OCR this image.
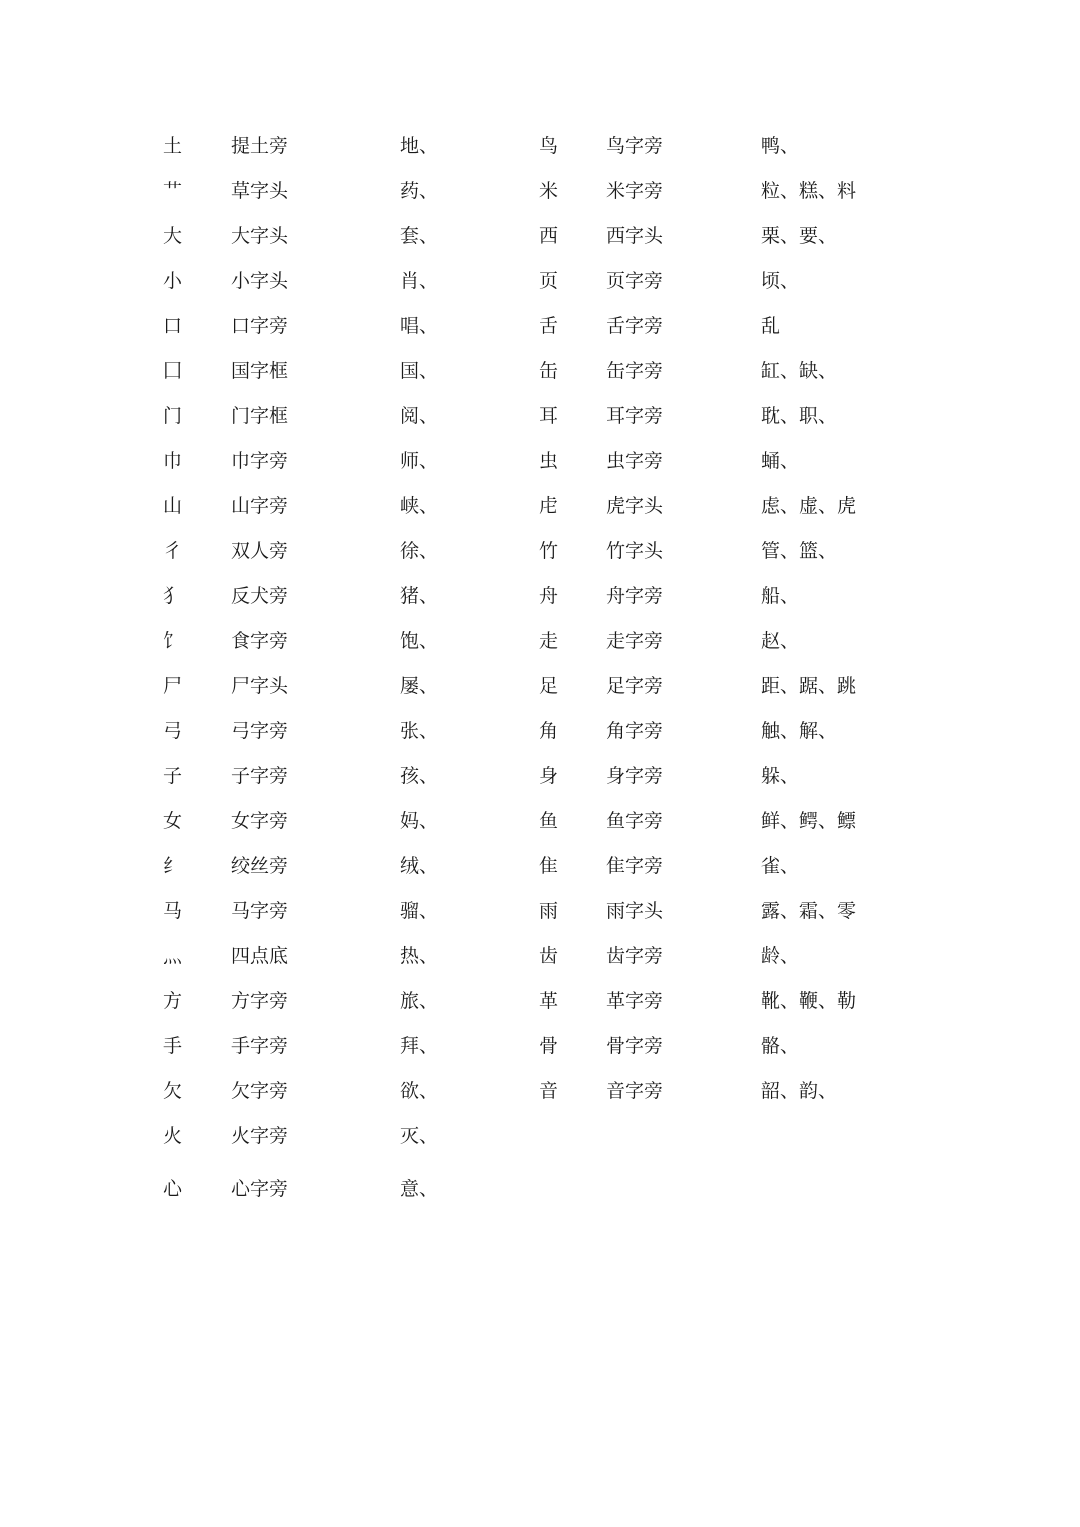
土	提土旁	地、	鸟	鸟字旁	鸭、
艹	草字头	药、	米	米字旁	粒、糕、料
大	大字头	套、	西	西字头	栗、要、
小	小字头	肖、	页	页字旁	顷、
口	口字旁	唱、	舌	舌字旁	乱
囗	国字框	国、	缶	缶字旁	缸、缺、
门	门字框	阅、	耳	耳字旁	耽、职、
巾	巾字旁	师、	虫	虫字旁	蛹、
山	山字旁	峡、	虍	虎字头	虑、虚、虎
彳	双人旁	徐、	竹	竹字头	管、篮、
犭	反犬旁	猪、	舟	舟字旁	船、
饣	食字旁	饱、	走	走字旁	赵、
尸	尸字头	屡、	足	足字旁	距、踞、跳
弓	弓字旁	张、	角	角字旁	触、解、
子	子字旁	孩、	身	身字旁	躲、
女	女字旁	妈、	鱼	鱼字旁	鲜、鳄、鳔
纟	绞丝旁	绒、	隹	隹字旁	雀、
马	马字旁	骝、	雨	雨字头	露、霜、零
灬	四点底	热、	齿	齿字旁	龄、
方	方字旁	旅、	革	革字旁	靴、鞭、勒
手	手字旁	拜、	骨	骨字旁	骼、
欠	欠字旁	欲、	音	音字旁	韶、韵、
火	火字旁	灭、
心	心字旁	意、
